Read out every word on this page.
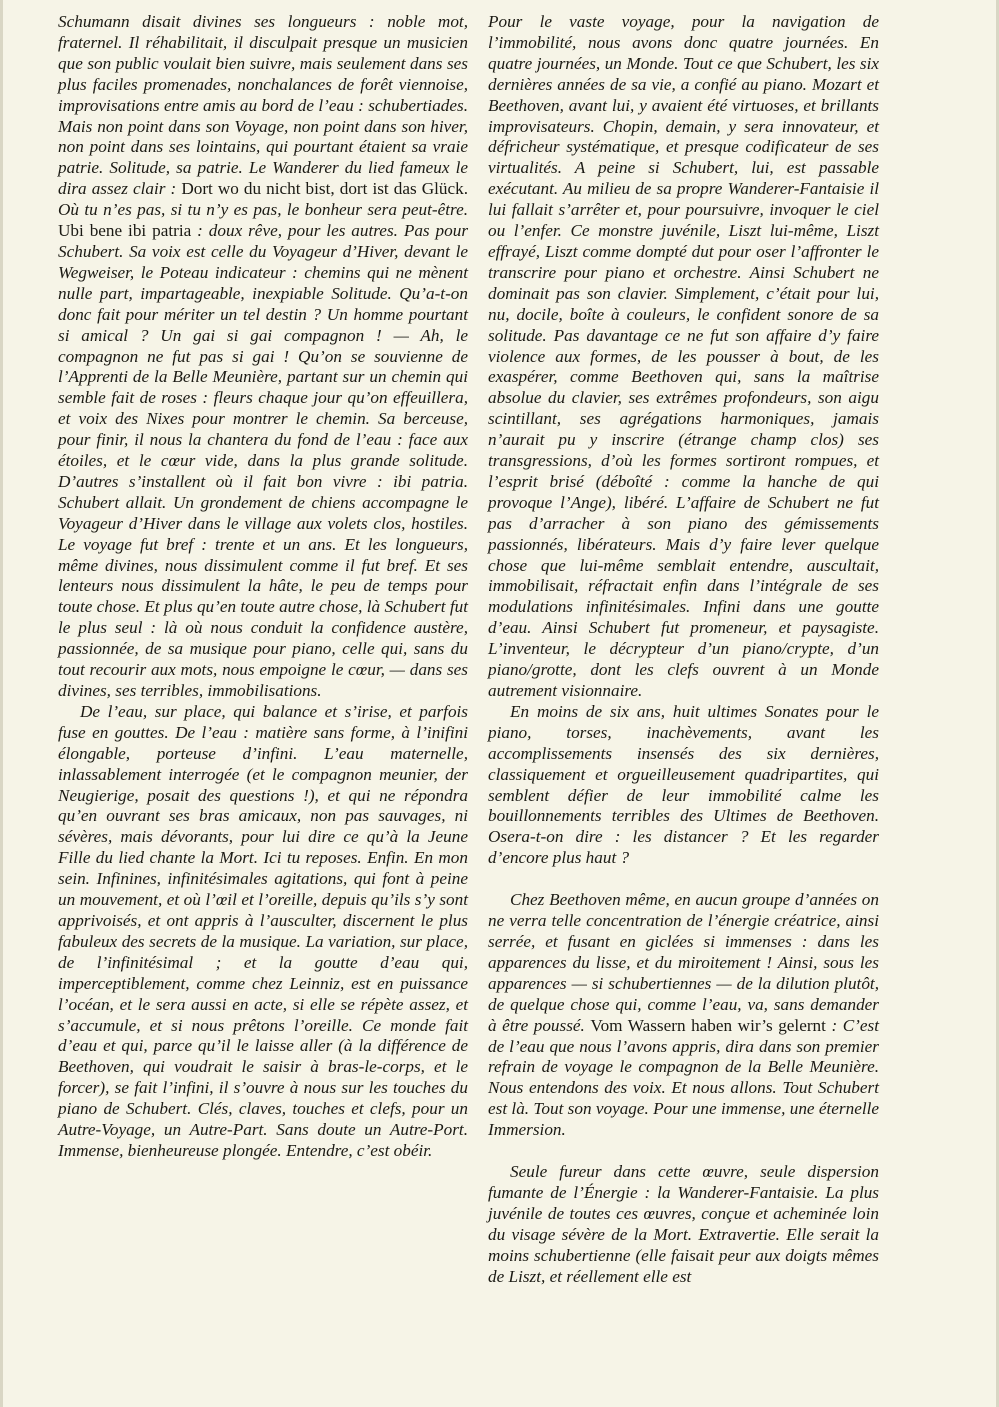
Schumann disait divines ses longueurs : noble mot, fraternel. Il réhabilitait, il disculpait presque un musicien que son public voulait bien suivre, mais seulement dans ses plus faciles promenades, nonchalances de forêt viennoise, improvisations entre amis au bord de l’eau : schubertiades. Mais non point dans son Voyage, non point dans son hiver, non point dans ses lointains, qui pourtant étaient sa vraie patrie. Solitude, sa patrie. Le Wanderer du lied fameux le dira assez clair : Dort wo du nicht bist, dort ist das Glück. Où tu n’es pas, si tu n’y es pas, le bonheur sera peut-être. Ubi bene ibi patria : doux rêve, pour les autres. Pas pour Schubert. Sa voix est celle du Voyageur d’Hiver, devant le Wegweiser, le Poteau indicateur : chemins qui ne mènent nulle part, impartageable, inexpiable Solitude. Qu’a-t-on donc fait pour mériter un tel destin ? Un homme pourtant si amical ? Un gai si gai compagnon ! — Ah, le compagnon ne fut pas si gai ! Qu’on se souvienne de l’Apprenti de la Belle Meunière, partant sur un chemin qui semble fait de roses : fleurs chaque jour qu’on effeuillera, et voix des Nixes pour montrer le chemin. Sa berceuse, pour finir, il nous la chantera du fond de l’eau : face aux étoiles, et le cœur vide, dans la plus grande solitude. D’autres s’installent où il fait bon vivre : ibi patria. Schubert allait. Un grondement de chiens accompagne le Voyageur d’Hiver dans le village aux volets clos, hostiles. Le voyage fut bref : trente et un ans. Et les longueurs, même divines, nous dissimulent comme il fut bref. Et ses lenteurs nous dissimulent la hâte, le peu de temps pour toute chose. Et plus qu’en toute autre chose, là Schubert fut le plus seul : là où nous conduit la confidence austère, passionnée, de sa musique pour piano, celle qui, sans du tout recourir aux mots, nous empoigne le cœur, — dans ses divines, ses terribles, immobilisations.

De l’eau, sur place, qui balance et s’irise, et parfois fuse en gouttes. De l’eau : matière sans forme, à l’inifini élongable, porteuse d’infini. L’eau maternelle, inlassablement interrogée (et le compagnon meunier, der Neugierige, posait des questions !), et qui ne répondra qu’en ouvrant ses bras amicaux, non pas sauvages, ni sévères, mais dévorants, pour lui dire ce qu’à la Jeune Fille du lied chante la Mort. Ici tu reposes. Enfin. En mon sein. Infinines, infinitésimales agitations, qui font à peine un mouvement, et où l’œil et l’oreille, depuis qu’ils s’y sont apprivoisés, et ont appris à l’ausculter, discernent le plus fabuleux des secrets de la musique. La variation, sur place, de l’infinitésimal ; et la goutte d’eau qui, imperceptiblement, comme chez Leinniz, est en puissance l’océan, et le sera aussi en acte, si elle se répète assez, et s’accumule, et si nous prêtons l’oreille. Ce monde fait d’eau et qui, parce qu’il le laisse aller (à la différence de Beethoven, qui voudrait le saisir à bras-le-corps, et le forcer), se fait l’infini, il s’ouvre à nous sur les touches du piano de Schubert. Clés, claves, touches et clefs, pour un Autre-Voyage, un Autre-Part. Sans doute un Autre-Port. Immense, bienheureuse plongée. Entendre, c’est obéir.

Pour le vaste voyage, pour la navigation de l’immobilité, nous avons donc quatre journées. En quatre journées, un Monde. Tout ce que Schubert, les six dernières années de sa vie, a confié au piano. Mozart et Beethoven, avant lui, y avaient été virtuoses, et brillants improvisateurs. Chopin, demain, y sera innovateur, et défricheur systématique, et presque codificateur de ses virtualités. A peine si Schubert, lui, est passable exécutant. Au milieu de sa propre Wanderer-Fantaisie il lui fallait s’arrêter et, pour poursuivre, invoquer le ciel ou l’enfer. Ce monstre juvénile, Liszt lui-même, Liszt effrayé, Liszt comme dompté dut pour oser l’affronter le transcrire pour piano et orchestre. Ainsi Schubert ne dominait pas son clavier. Simplement, c’était pour lui, nu, docile, boîte à couleurs, le confident sonore de sa solitude. Pas davantage ce ne fut son affaire d’y faire violence aux formes, de les pousser à bout, de les exaspérer, comme Beethoven qui, sans la maîtrise absolue du clavier, ses extrêmes profondeurs, son aigu scintillant, ses agrégations harmoniques, jamais n’aurait pu y inscrire (étrange champ clos) ses transgressions, d’où les formes sortiront rompues, et l’esprit brisé (déboîté : comme la hanche de qui provoque l’Ange), libéré. L’affaire de Schubert ne fut pas d’arracher à son piano des gémissements passionnés, libérateurs. Mais d’y faire lever quelque chose que lui-même semblait entendre, auscultait, immobilisait, réfractait enfin dans l’intégrale de ses modulations infinitésimales. Infini dans une goutte d’eau. Ainsi Schubert fut promeneur, et paysagiste. L’inventeur, le décrypteur d’un piano/crypte, d’un piano/grotte, dont les clefs ouvrent à un Monde autrement visionnaire.

En moins de six ans, huit ultimes Sonates pour le piano, torses, inachèvements, avant les accomplissements insensés des six dernières, classiquement et orgueilleusement quadripartites, qui semblent défier de leur immobilité calme les bouillonnements terribles des Ultimes de Beethoven. Osera-t-on dire : les distancer ? Et les regarder d’encore plus haut ?

Chez Beethoven même, en aucun groupe d’années on ne verra telle concentration de l’énergie créatrice, ainsi serrée, et fusant en giclées si immenses : dans les apparences du lisse, et du miroitement ! Ainsi, sous les apparences — si schubertiennes — de la dilution plutôt, de quelque chose qui, comme l’eau, va, sans demander à être poussé. Vom Wassern haben wir’s gelernt : C’est de l’eau que nous l’avons appris, dira dans son premier refrain de voyage le compagnon de la Belle Meunière. Nous entendons des voix. Et nous allons. Tout Schubert est là. Tout son voyage. Pour une immense, une éternelle Immersion.

Seule fureur dans cette œuvre, seule dispersion fumante de l’Énergie : la Wanderer-Fantaisie. La plus juvénile de toutes ces œuvres, conçue et acheminée loin du visage sévère de la Mort. Extravertie. Elle serait la moins schubertienne (elle faisait peur aux doigts mêmes de Liszt, et réellement elle est
